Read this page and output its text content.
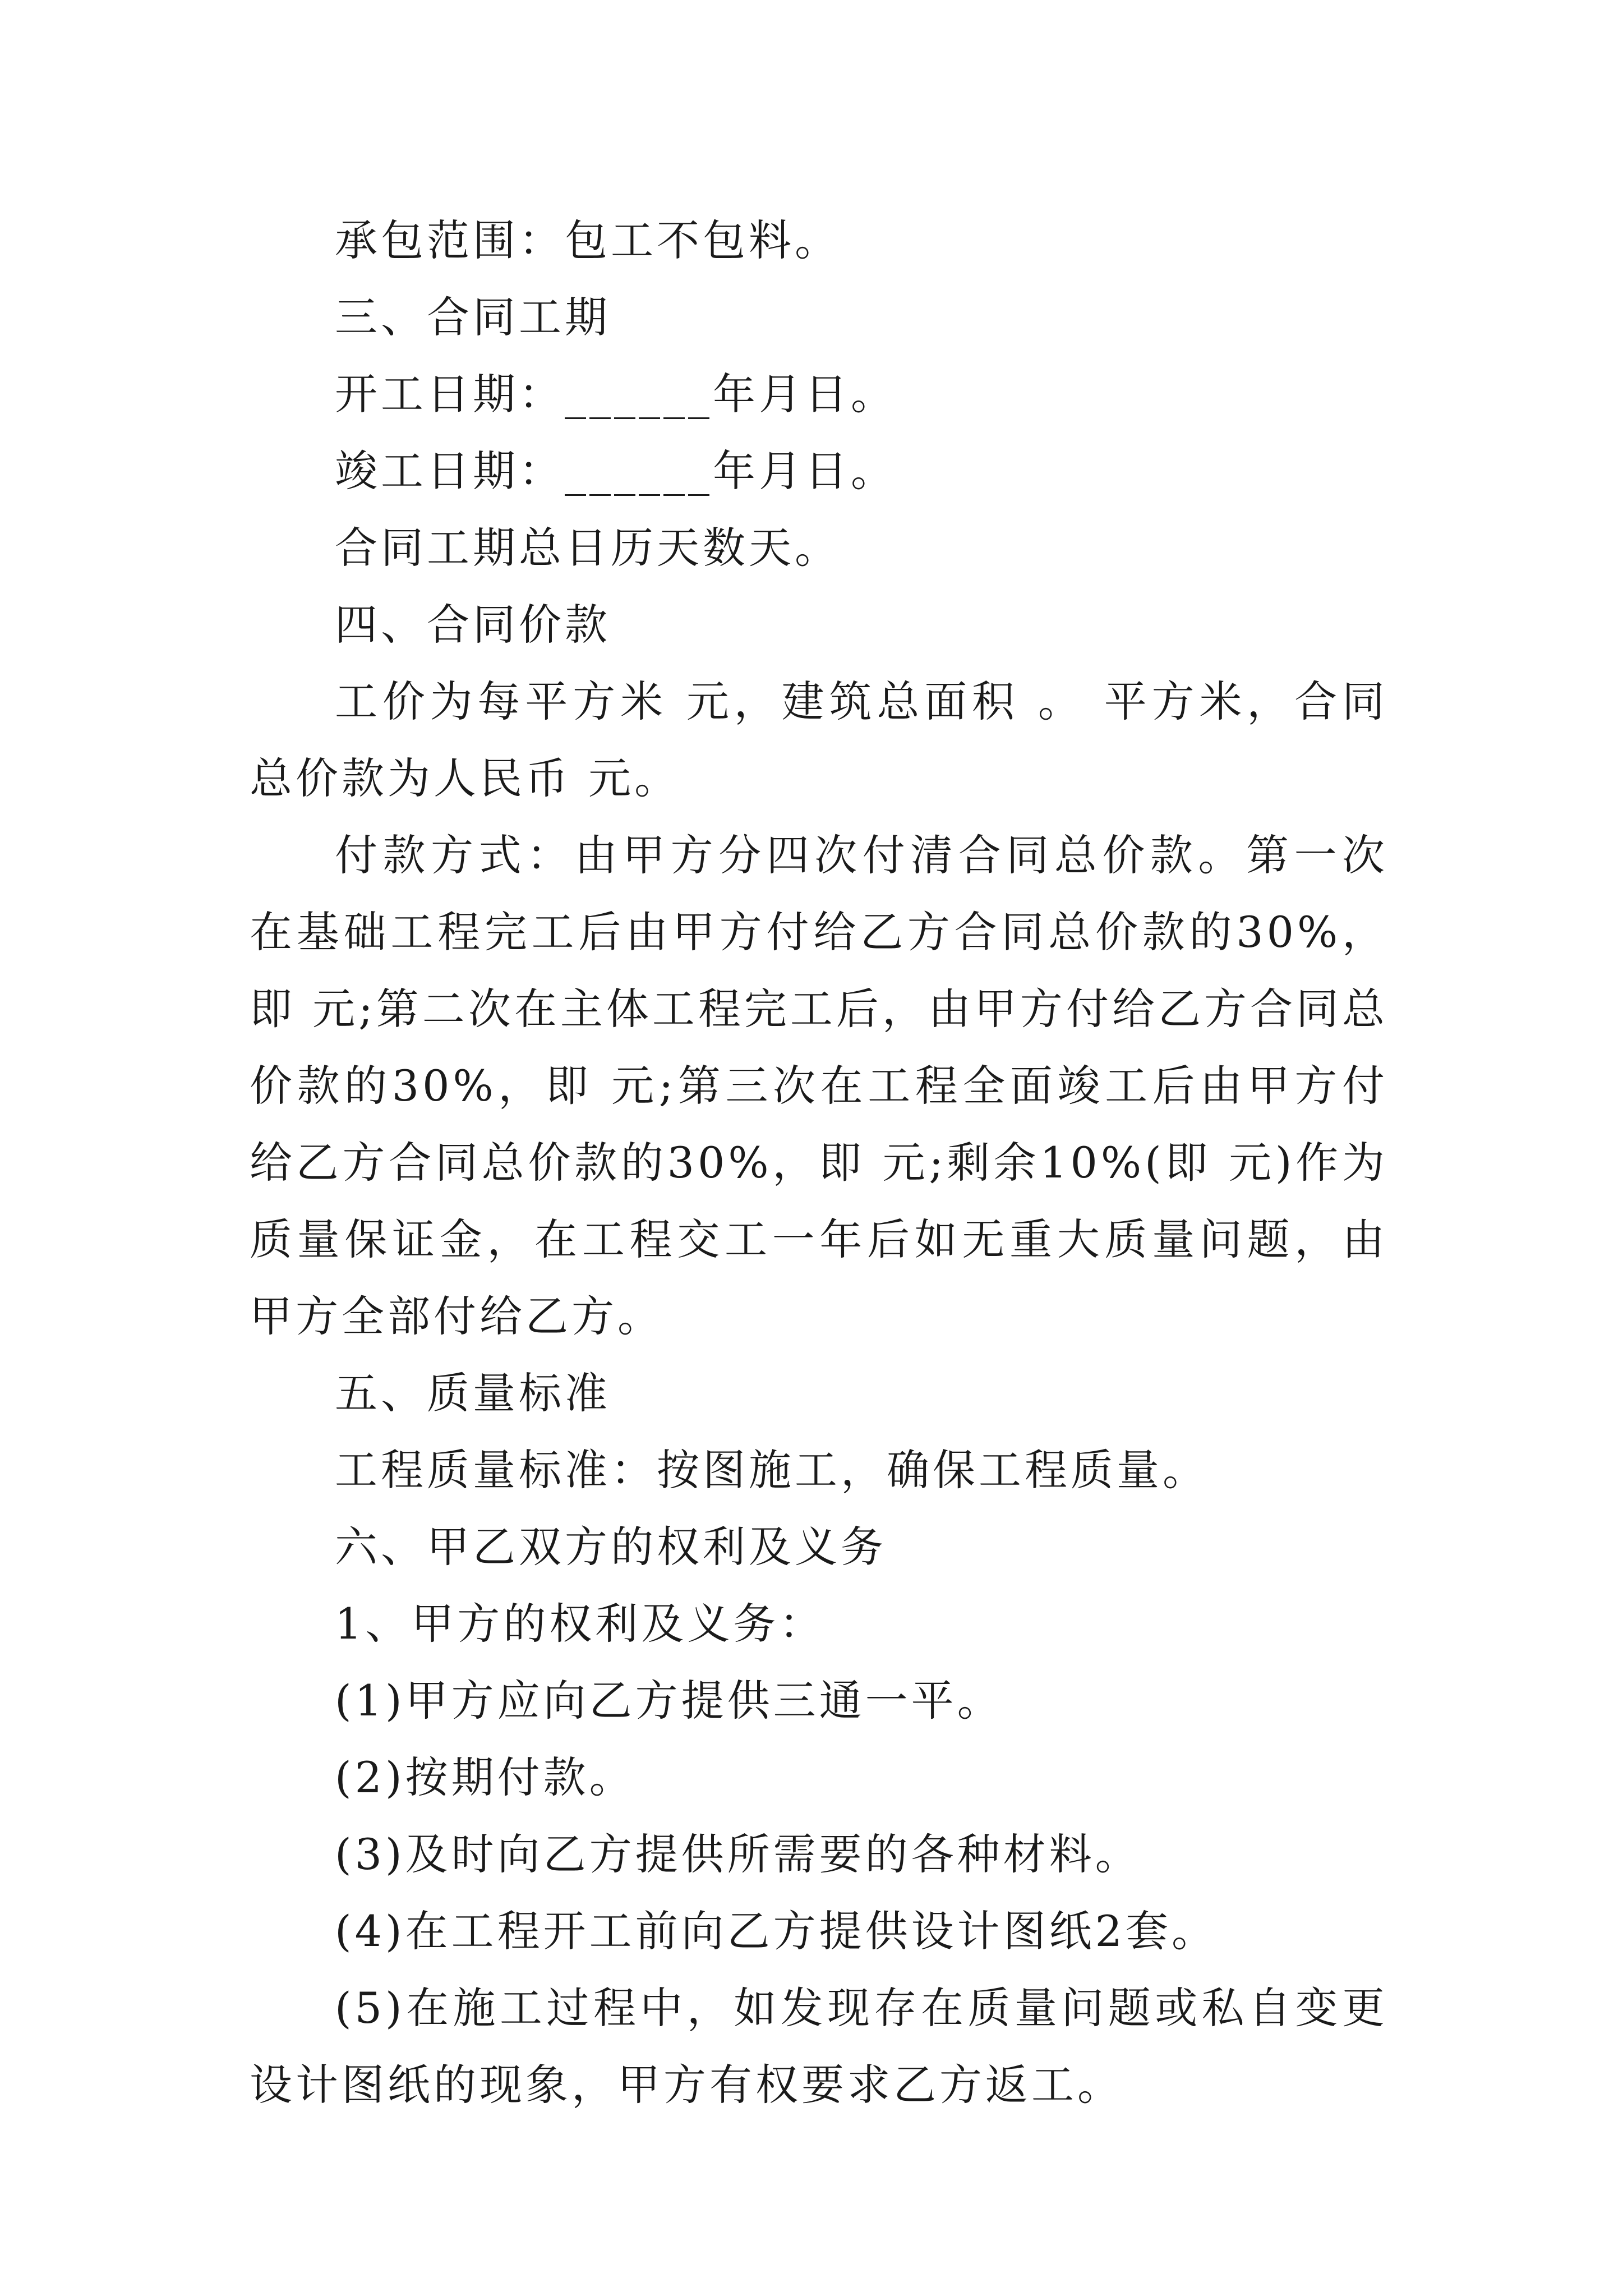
承包范围：包工不包料。

三、合同工期

开工日期：______年月日。

竣工日期：______年月日。

合同工期总日历天数天。

四、合同价款

工价为每平方米 元，建筑总面积 。 平方米，合同总价款为人民币 元。

付款方式：由甲方分四次付清合同总价款。第一次在基础工程完工后由甲方付给乙方合同总价款的30%，即 元;第二次在主体工程完工后，由甲方付给乙方合同总价款的30%，即 元;第三次在工程全面竣工后由甲方付给乙方合同总价款的30%，即 元;剩余10%(即 元)作为质量保证金，在工程交工一年后如无重大质量问题，由甲方全部付给乙方。

五、质量标准

工程质量标准：按图施工，确保工程质量。

六、甲乙双方的权利及义务

1、甲方的权利及义务：

(1)甲方应向乙方提供三通一平。

(2)按期付款。

(3)及时向乙方提供所需要的各种材料。

(4)在工程开工前向乙方提供设计图纸2套。

(5)在施工过程中，如发现存在质量问题或私自变更设计图纸的现象，甲方有权要求乙方返工。
